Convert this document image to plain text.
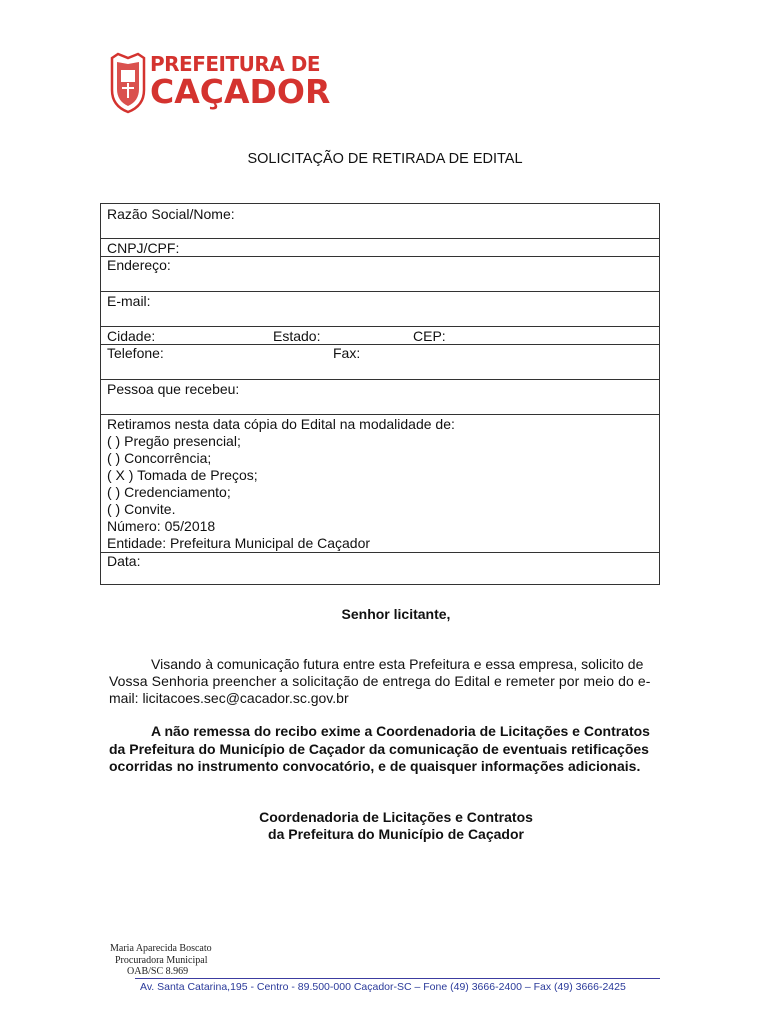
PREFEITURA DE
CAÇADOR
SOLICITAÇÃO DE RETIRADA DE EDITAL
Razão Social/Nome:
CNPJ/CPF:
Endereço:
E-mail:
Cidade:	Estado:	CEP:
Telefone:	Fax:
Pessoa que recebeu:
Retiramos nesta data cópia do Edital na modalidade de:
( ) Pregão presencial;
( ) Concorrência;
( X ) Tomada de Preços;
( ) Credenciamento;
( ) Convite.
Número: 05/2018
Entidade: Prefeitura Municipal de Caçador
Data:
Senhor licitante,
Visando à comunicação futura entre esta Prefeitura e essa empresa, solicito de
Vossa Senhoria preencher a solicitação de entrega do Edital e remeter por meio do e-
mail: licitacoes.sec@cacador.sc.gov.br
A não remessa do recibo exime a Coordenadoria de Licitações e Contratos
da Prefeitura do Município de Caçador da comunicação de eventuais retificações
ocorridas no instrumento convocatório, e de quaisquer informações adicionais.
Coordenadoria de Licitações e Contratos
da Prefeitura do Município de Caçador
Maria Aparecida Boscato
Procuradora Municipal
OAB/SC 8.969
Av. Santa Catarina,195 - Centro - 89.500-000 Caçador-SC – Fone (49) 3666-2400 – Fax (49) 3666-2425
